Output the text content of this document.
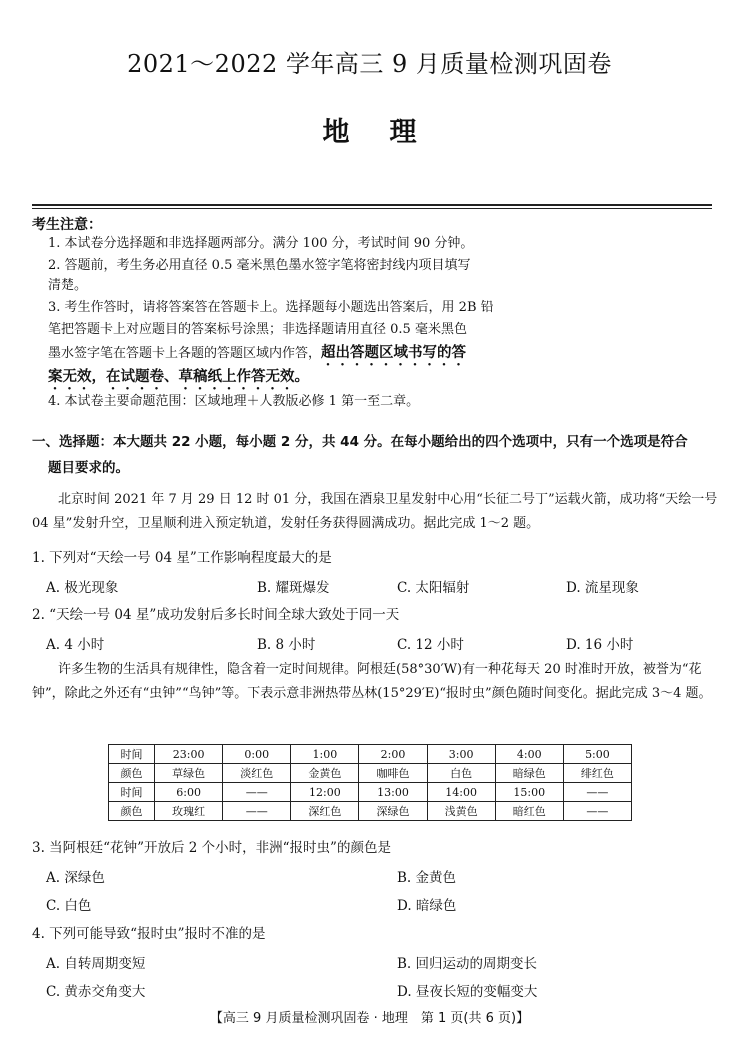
2021～2022 学年高三 9 月质量检测巩固卷
地理
考生注意：
1. 本试卷分选择题和非选择题两部分。满分 100 分，考试时间 90 分钟。
2. 答题前，考生务必用直径 0.5 毫米黑色墨水签字笔将密封线内项目填写
清楚。
3. 考生作答时，请将答案答在答题卡上。选择题每小题选出答案后，用 2B 铅
笔把答题卡上对应题目的答案标号涂黑；非选择题请用直径 0.5 毫米黑色
墨水签字笔在答题卡上各题的答题区域内作答，超出答题区域书写的答
案无效，在试题卷、草稿纸上作答无效。
4. 本试卷主要命题范围：区域地理＋人教版必修 1 第一至二章。
一、选择题：本大题共 22 小题，每小题 2 分，共 44 分。在每小题给出的四个选项中，只有一个选项是符合
题目要求的。
北京时间 2021 年 7 月 29 日 12 时 01 分，我国在酒泉卫星发射中心用“长征二号丁”运载火箭，成功将“天绘一号 04 星”发射升空，卫星顺利进入预定轨道，发射任务获得圆满成功。据此完成 1～2 题。
1. 下列对“天绘一号 04 星”工作影响程度最大的是
A. 极光现象	B. 耀斑爆发	C. 太阳辐射	D. 流星现象
2. “天绘一号 04 星”成功发射后多长时间全球大致处于同一天
A. 4 小时	B. 8 小时	C. 12 小时	D. 16 小时
许多生物的生活具有规律性，隐含着一定时间规律。阿根廷(58°30′W)有一种花每天 20 时准时开放，被誉为“花钟”，除此之外还有“虫钟”“鸟钟”等。下表示意非洲热带丛林(15°29′E)“报时虫”颜色随时间变化。据此完成 3～4 题。
时间	23:00	0:00	1:00	2:00	3:00	4:00	5:00
颜色	草绿色	淡红色	金黄色	咖啡色	白色	暗绿色	绯红色
时间	6:00	——	12:00	13:00	14:00	15:00	——
颜色	玫瑰红	——	深红色	深绿色	浅黄色	暗红色	——
3. 当阿根廷“花钟”开放后 2 个小时，非洲“报时虫”的颜色是
A. 深绿色	B. 金黄色
C. 白色	D. 暗绿色
4. 下列可能导致“报时虫”报时不准的是
A. 自转周期变短	B. 回归运动的周期变长
C. 黄赤交角变大	D. 昼夜长短的变幅变大
【高三 9 月质量检测巩固卷 · 地理　第 1 页(共 6 页)】
